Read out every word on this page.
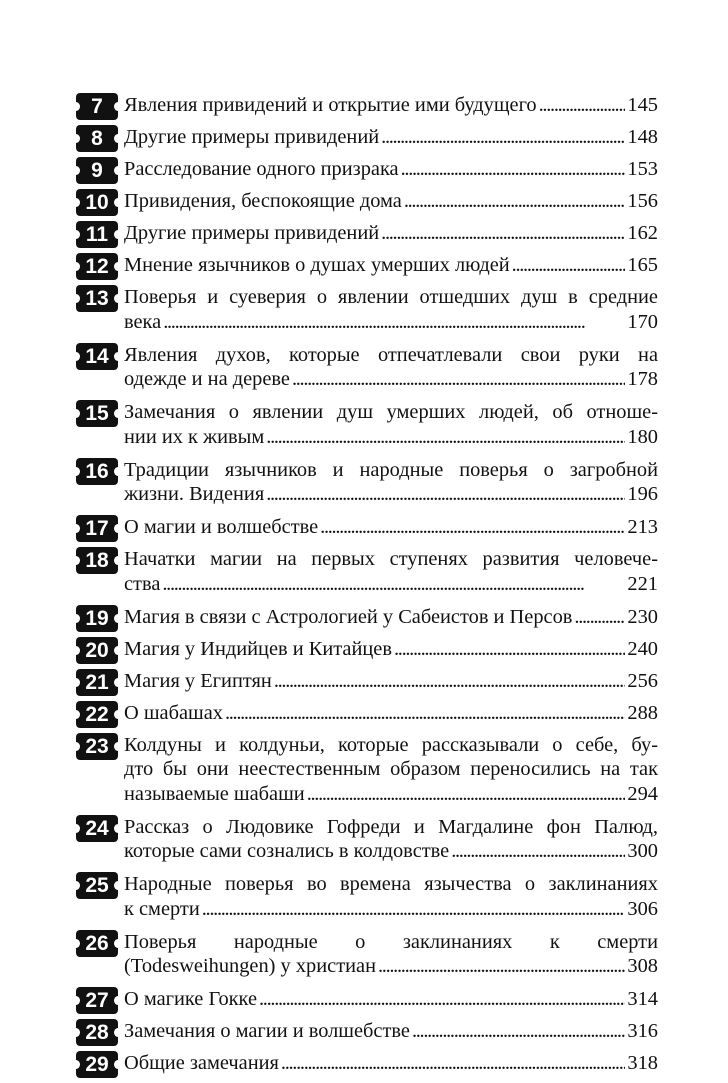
7	Явления привидений и открытие ими будущего . . .	145
8	Другие примеры привидений . . .	148
9	Расследование одного призрака . . .	153
10 Привидения, беспокоящие дома . . .	156
11 Другие примеры привидений . . .	162
12 Мнение язычников о душах умерших людей . . .	165
13 Поверья и суеверия о явлении отшедших душ в средние
века . . .	170
14 Явления духов, которые отпечатлевали свои руки на
одежде и на дереве . . .	178
15 Замечания о явлении душ умерших людей, об отноше-
нии их к живым . . .	180
16 Традиции язычников и народные поверья о загробной
жизни. Видения . . .	196
17 О магии и волшебстве . . .	213
18 Начатки магии на первых ступенях развития человече-
ства . . .	221
19 Магия в связи с Астрологией у Сабеистов и Персов . . .	230
20 Магия у Индийцев и Китайцев . . .	240
21 Магия у Египтян . . .	256
22 О шабашах . . .	288
23 Колдуны и колдуньи, которые рассказывали о себе, бу-
дто бы они неестественным образом переносились на так
называемые шабаши . . .	294
24 Рассказ о Людовике Гофреди и Магдалине фон Палюд,
которые сами сознались в колдовстве . . .	300
25 Народные поверья во времена язычества о заклинаниях
к смерти . . .	306
26 Поверья народные о заклинаниях к смерти
(Todesweihungen) у христиан . . .	308
27 О магике Гокке . . .	314
28 Замечания о магии и волшебстве . . .	316
29 Общие замечания . . .	318
